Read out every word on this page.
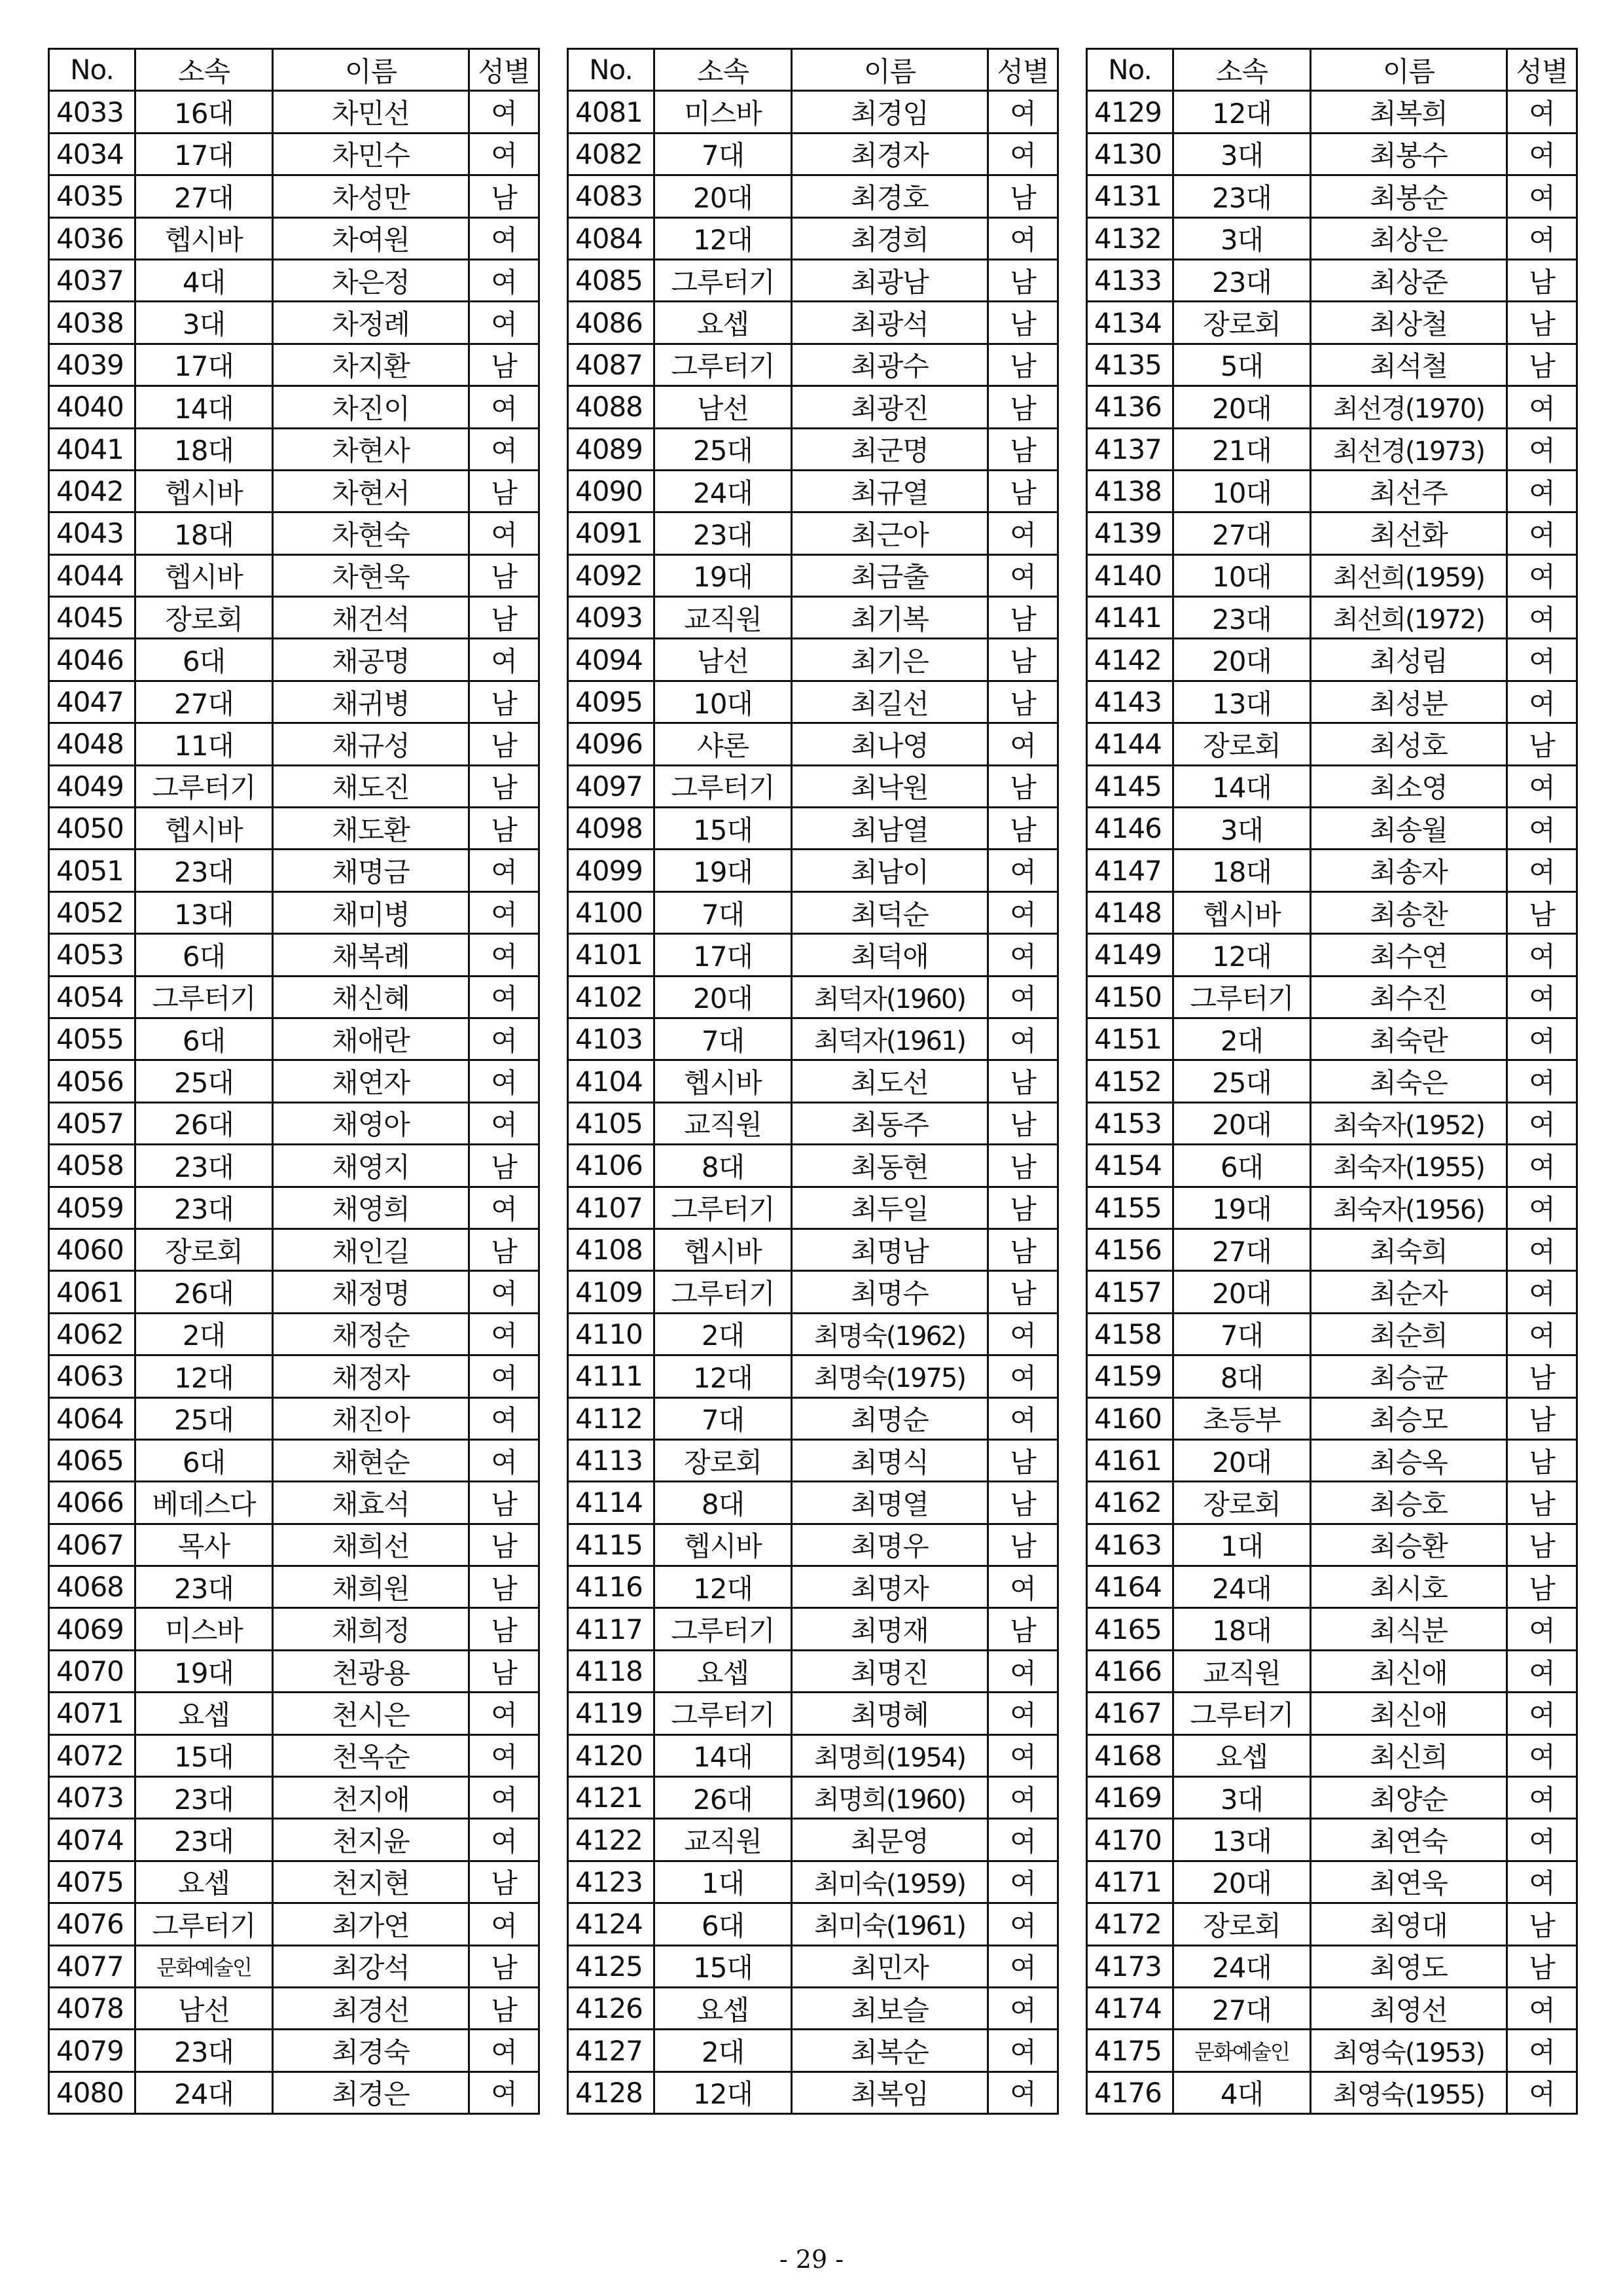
No.	소속	이름	성별
4033	16대	차민선	여
4034	17대	차민수	여
4035	27대	차성만	남
4036	헵시바	차여원	여
4037	4대	차은정	여
4038	3대	차정례	여
4039	17대	차지환	남
4040	14대	차진이	여
4041	18대	차현사	여
4042	헵시바	차현서	남
4043	18대	차현숙	여
4044	헵시바	차현욱	남
4045	장로회	채건석	남
4046	6대	채공명	여
4047	27대	채귀병	남
4048	11대	채규성	남
4049	그루터기	채도진	남
4050	헵시바	채도환	남
4051	23대	채명금	여
4052	13대	채미병	여
4053	6대	채복례	여
4054	그루터기	채신혜	여
4055	6대	채애란	여
4056	25대	채연자	여
4057	26대	채영아	여
4058	23대	채영지	남
4059	23대	채영희	여
4060	장로회	채인길	남
4061	26대	채정명	여
4062	2대	채정순	여
4063	12대	채정자	여
4064	25대	채진아	여
4065	6대	채현순	여
4066	베데스다	채효석	남
4067	목사	채희선	남
4068	23대	채희원	남
4069	미스바	채희정	남
4070	19대	천광용	남
4071	요셉	천시은	여
4072	15대	천옥순	여
4073	23대	천지애	여
4074	23대	천지윤	여
4075	요셉	천지현	남
4076	그루터기	최가연	여
4077	문화예술인	최강석	남
4078	남선	최경선	남
4079	23대	최경숙	여
4080	24대	최경은	여
No.	소속	이름	성별
4081	미스바	최경임	여
4082	7대	최경자	여
4083	20대	최경호	남
4084	12대	최경희	여
4085	그루터기	최광남	남
4086	요셉	최광석	남
4087	그루터기	최광수	남
4088	남선	최광진	남
4089	25대	최군명	남
4090	24대	최규열	남
4091	23대	최근아	여
4092	19대	최금출	여
4093	교직원	최기복	남
4094	남선	최기은	남
4095	10대	최길선	남
4096	샤론	최나영	여
4097	그루터기	최낙원	남
4098	15대	최남열	남
4099	19대	최남이	여
4100	7대	최덕순	여
4101	17대	최덕애	여
4102	20대	최덕자(1960)	여
4103	7대	최덕자(1961)	여
4104	헵시바	최도선	남
4105	교직원	최동주	남
4106	8대	최동현	남
4107	그루터기	최두일	남
4108	헵시바	최명남	남
4109	그루터기	최명수	남
4110	2대	최명숙(1962)	여
4111	12대	최명숙(1975)	여
4112	7대	최명순	여
4113	장로회	최명식	남
4114	8대	최명열	남
4115	헵시바	최명우	남
4116	12대	최명자	여
4117	그루터기	최명재	남
4118	요셉	최명진	여
4119	그루터기	최명혜	여
4120	14대	최명희(1954)	여
4121	26대	최명희(1960)	여
4122	교직원	최문영	여
4123	1대	최미숙(1959)	여
4124	6대	최미숙(1961)	여
4125	15대	최민자	여
4126	요셉	최보슬	여
4127	2대	최복순	여
4128	12대	최복임	여
No.	소속	이름	성별
4129	12대	최복희	여
4130	3대	최봉수	여
4131	23대	최봉순	여
4132	3대	최상은	여
4133	23대	최상준	남
4134	장로회	최상철	남
4135	5대	최석철	남
4136	20대	최선경(1970)	여
4137	21대	최선경(1973)	여
4138	10대	최선주	여
4139	27대	최선화	여
4140	10대	최선희(1959)	여
4141	23대	최선희(1972)	여
4142	20대	최성림	여
4143	13대	최성분	여
4144	장로회	최성호	남
4145	14대	최소영	여
4146	3대	최송월	여
4147	18대	최송자	여
4148	헵시바	최송찬	남
4149	12대	최수연	여
4150	그루터기	최수진	여
4151	2대	최숙란	여
4152	25대	최숙은	여
4153	20대	최숙자(1952)	여
4154	6대	최숙자(1955)	여
4155	19대	최숙자(1956)	여
4156	27대	최숙희	여
4157	20대	최순자	여
4158	7대	최순희	여
4159	8대	최승균	남
4160	초등부	최승모	남
4161	20대	최승옥	남
4162	장로회	최승호	남
4163	1대	최승환	남
4164	24대	최시호	남
4165	18대	최식분	여
4166	교직원	최신애	여
4167	그루터기	최신애	여
4168	요셉	최신희	여
4169	3대	최양순	여
4170	13대	최연숙	여
4171	20대	최연욱	여
4172	장로회	최영대	남
4173	24대	최영도	남
4174	27대	최영선	여
4175	문화예술인	최영숙(1953)	여
4176	4대	최영숙(1955)	여
- 29 -
